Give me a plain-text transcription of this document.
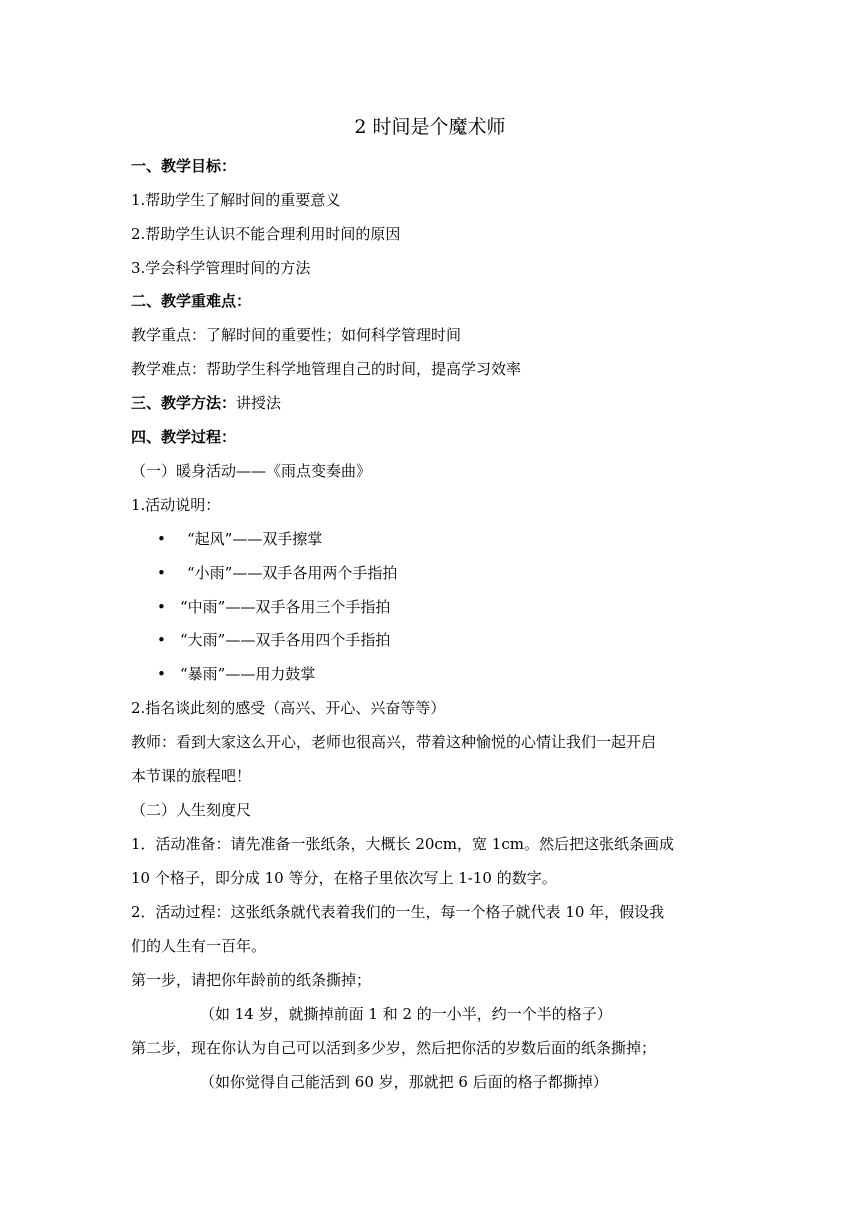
2 时间是个魔术师
一、教学目标：
1.帮助学生了解时间的重要意义
2.帮助学生认识不能合理利用时间的原因
3.学会科学管理时间的方法
二、教学重难点：
教学重点：了解时间的重要性；如何科学管理时间
教学难点：帮助学生科学地管理自己的时间，提高学习效率
三、教学方法：讲授法
四、教学过程：
（一）暖身活动——《雨点变奏曲》
1.活动说明：
• “起风”——双手擦掌
• “小雨”——双手各用两个手指拍
• “中雨”——双手各用三个手指拍
• “大雨”——双手各用四个手指拍
• “暴雨”——用力鼓掌
2.指名谈此刻的感受（高兴、开心、兴奋等等）
教师：看到大家这么开心，老师也很高兴，带着这种愉悦的心情让我们一起开启
本节课的旅程吧！
（二）人生刻度尺
1．活动准备：请先准备一张纸条，大概长 20cm，宽 1cm。然后把这张纸条画成
10 个格子，即分成 10 等分，在格子里依次写上 1-10 的数字。
2．活动过程：这张纸条就代表着我们的一生，每一个格子就代表 10 年，假设我
们的人生有一百年。
第一步，请把你年龄前的纸条撕掉；
（如 14 岁，就撕掉前面 1 和 2 的一小半，约一个半的格子）
第二步，现在你认为自己可以活到多少岁，然后把你活的岁数后面的纸条撕掉；
（如你觉得自己能活到 60 岁，那就把 6 后面的格子都撕掉）
